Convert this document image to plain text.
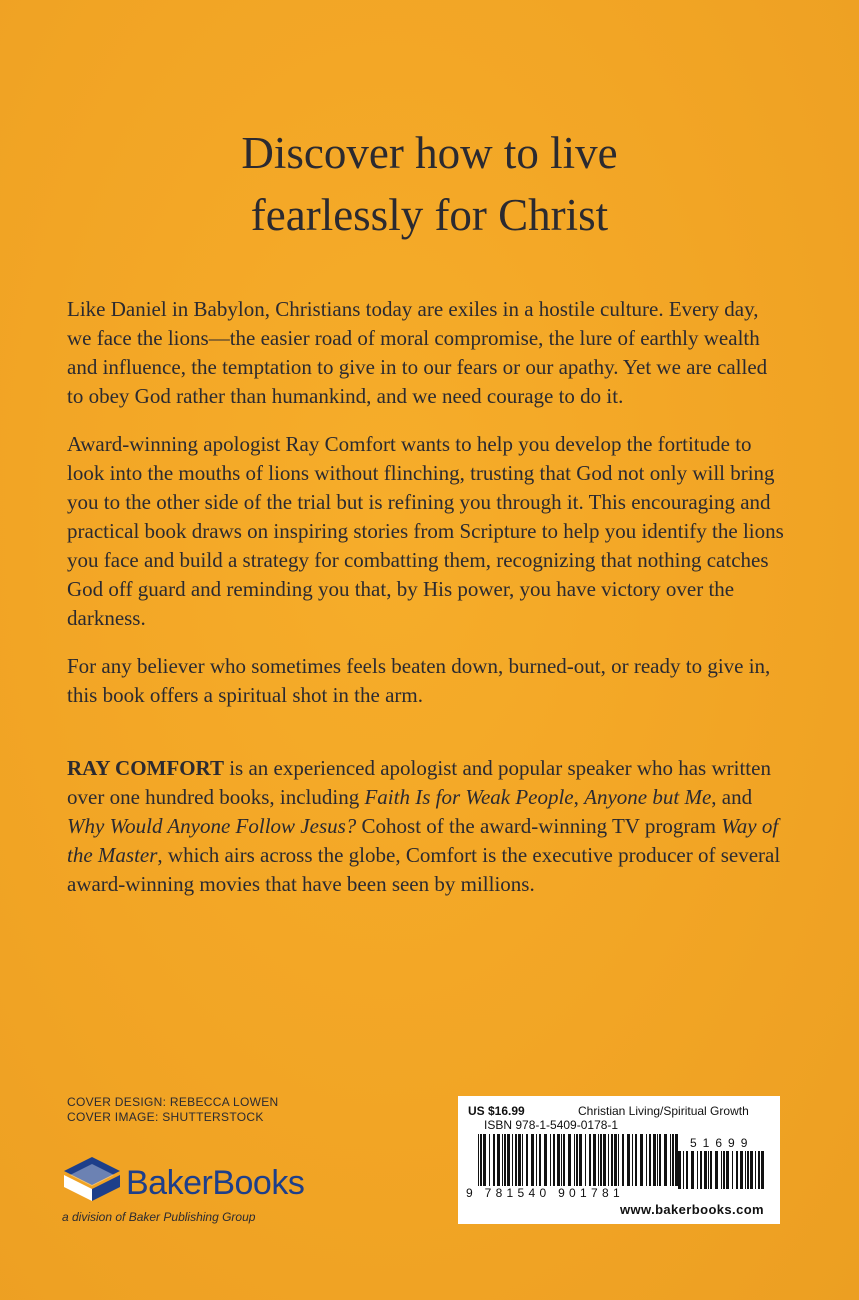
Discover how to live
fearlessly for Christ

Like Daniel in Babylon, Christians today are exiles in a hostile culture. Every day, we face the lions—the easier road of moral compromise, the lure of earthly wealth and influence, the temptation to give in to our fears or our apathy. Yet we are called to obey God rather than humankind, and we need courage to do it.

Award-winning apologist Ray Comfort wants to help you develop the fortitude to look into the mouths of lions without flinching, trusting that God not only will bring you to the other side of the trial but is refining you through it. This encouraging and practical book draws on inspiring stories from Scripture to help you identify the lions you face and build a strategy for combatting them, recognizing that nothing catches God off guard and reminding you that, by His power, you have victory over the darkness.

For any believer who sometimes feels beaten down, burned-out, or ready to give in, this book offers a spiritual shot in the arm.

RAY COMFORT is an experienced apologist and popular speaker who has written over one hundred books, including Faith Is for Weak People, Anyone but Me, and Why Would Anyone Follow Jesus? Cohost of the award-winning TV program Way of the Master, which airs across the globe, Comfort is the executive producer of several award-winning movies that have been seen by millions.

COVER DESIGN: REBECCA LOWEN
COVER IMAGE: SHUTTERSTOCK
BakerBooks
a division of Baker Publishing Group
US $16.99	Christian Living/Spiritual Growth
ISBN 978-1-5409-0178-1
51699
9 781540 901781
www.bakerbooks.com
